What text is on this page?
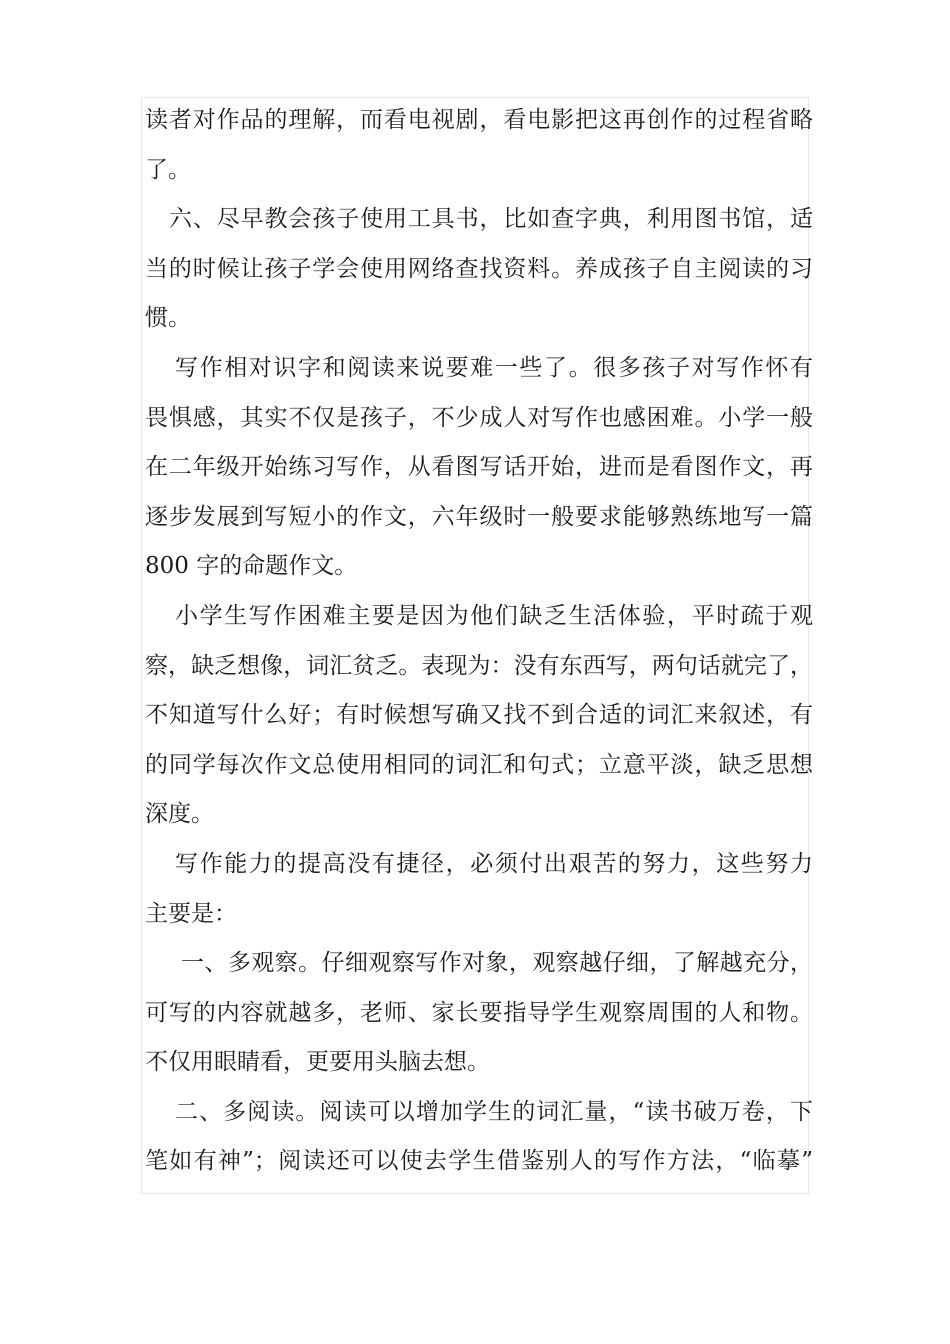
读者对作品的理解，而看电视剧，看电影把这再创作的过程省略
了。
六、尽早教会孩子使用工具书，比如查字典，利用图书馆，适
当的时候让孩子学会使用网络查找资料。养成孩子自主阅读的习
惯。
写作相对识字和阅读来说要难一些了。很多孩子对写作怀有
畏惧感，其实不仅是孩子，不少成人对写作也感困难。小学一般
在二年级开始练习写作，从看图写话开始，进而是看图作文，再
逐步发展到写短小的作文，六年级时一般要求能够熟练地写一篇
800 字的命题作文。
小学生写作困难主要是因为他们缺乏生活体验，平时疏于观
察，缺乏想像，词汇贫乏。表现为：没有东西写，两句话就完了，
不知道写什么好；有时候想写确又找不到合适的词汇来叙述，有
的同学每次作文总使用相同的词汇和句式；立意平淡，缺乏思想
深度。
写作能力的提高没有捷径，必须付出艰苦的努力，这些努力
主要是：
一、多观察。仔细观察写作对象，观察越仔细，了解越充分，
可写的内容就越多，老师、家长要指导学生观察周围的人和物。
不仅用眼睛看，更要用头脑去想。
二、多阅读。阅读可以增加学生的词汇量，“读书破万卷，下
笔如有神”；阅读还可以使去学生借鉴别人的写作方法，“临摹”
